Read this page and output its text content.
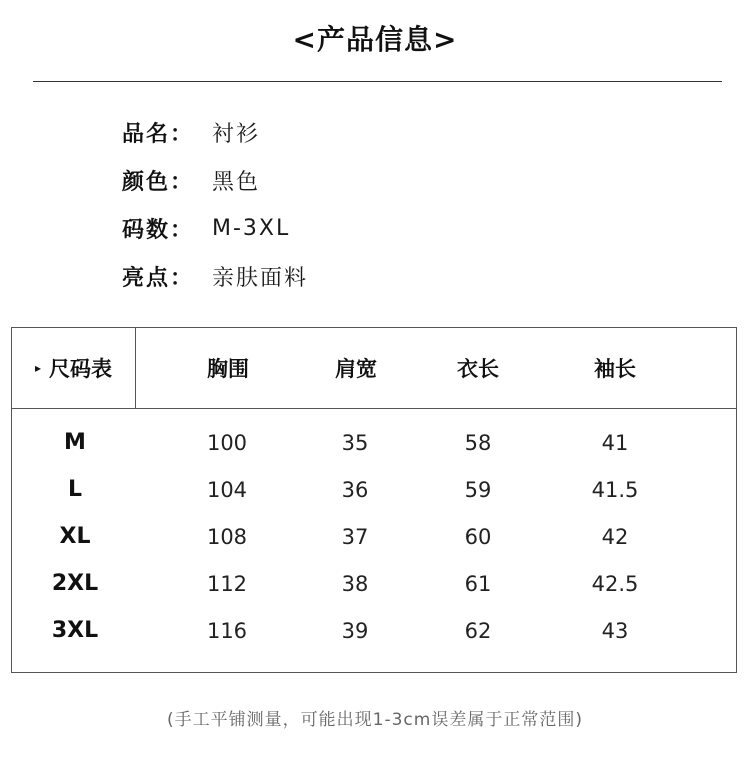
<产品信息>
品名： 衬衫
颜色： 黑色
码数： M-3XL
亮点： 亲肤面料
▸ 尺码表	胸围	肩宽	衣长	袖长
M	100	35	58	41
L	104	36	59	41.5
XL	108	37	60	42
2XL	112	38	61	42.5
3XL	116	39	62	43
(手工平铺测量，可能出现1-3cm误差属于正常范围)
